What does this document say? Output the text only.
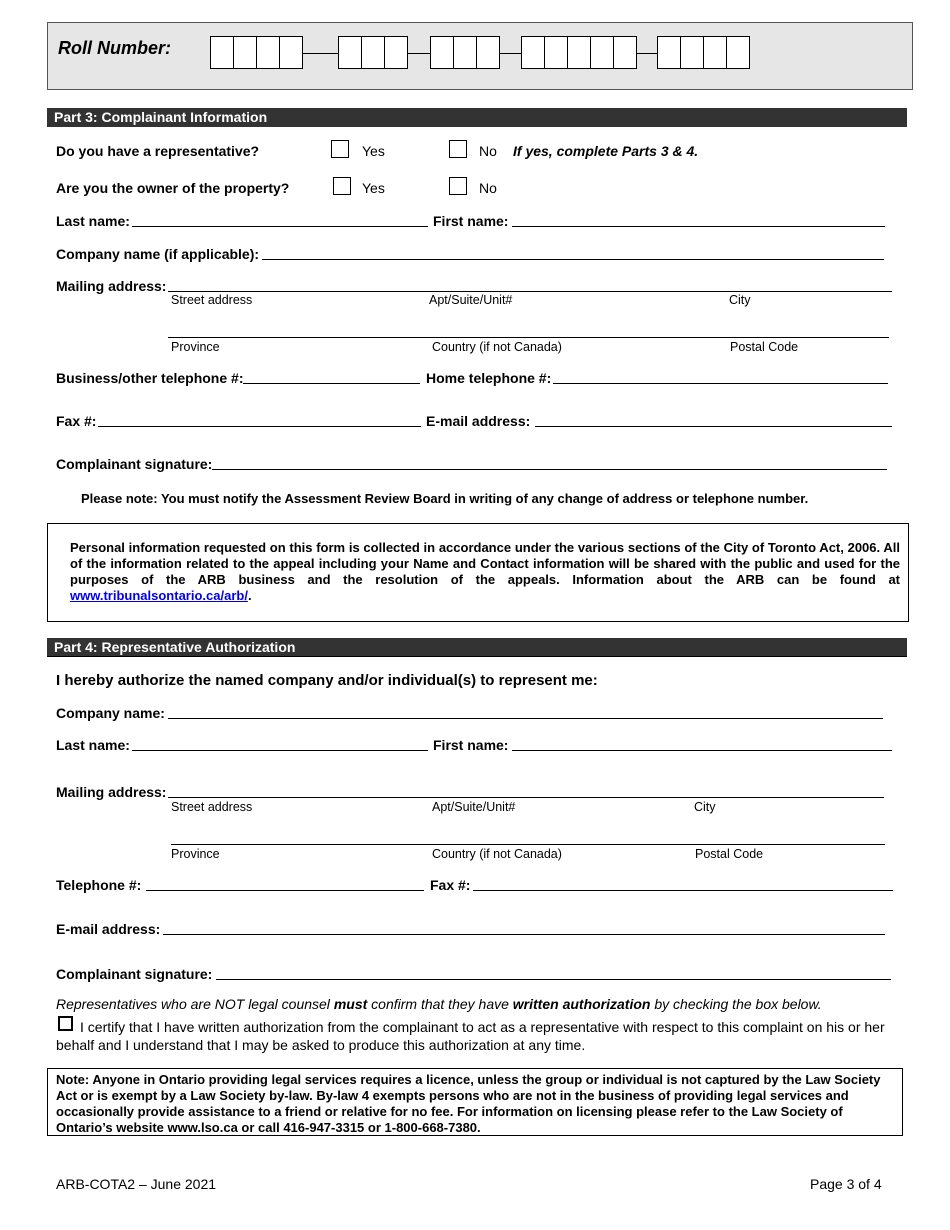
Roll Number:
Part 3: Complainant Information
Do you have a representative?	Yes	No If yes, complete Parts 3 & 4.
Are you the owner of the property?	Yes	No
Last name:	First name:
Company name (if applicable):
Mailing address:
Street address	Apt/Suite/Unit#	City
Province	Country (if not Canada)	Postal Code
Business/other telephone #:	Home telephone #:
Fax #:	E-mail address:
Complainant signature:
Please note: You must notify the Assessment Review Board in writing of any change of address or telephone number.
Personal information requested on this form is collected in accordance under the various sections of the City of Toronto Act, 2006. All of the information related to the appeal including your Name and Contact information will be shared with the public and used for the purposes of the ARB business and the resolution of the appeals. Information about the ARB can be found at www.tribunalsontario.ca/arb/.
Part 4: Representative Authorization
I hereby authorize the named company and/or individual(s) to represent me:
Company name:
Last name:	First name:
Mailing address:
Street address	Apt/Suite/Unit#	City
Province	Country (if not Canada)	Postal Code
Telephone #:	Fax #:
E-mail address:
Complainant signature:
Representatives who are NOT legal counsel must confirm that they have written authorization by checking the box below.
I certify that I have written authorization from the complainant to act as a representative with respect to this complaint on his or her behalf and I understand that I may be asked to produce this authorization at any time.
Note: Anyone in Ontario providing legal services requires a licence, unless the group or individual is not captured by the Law Society Act or is exempt by a Law Society by-law. By-law 4 exempts persons who are not in the business of providing legal services and occasionally provide assistance to a friend or relative for no fee. For information on licensing please refer to the Law Society of Ontario’s website www.lso.ca or call 416-947-3315 or 1-800-668-7380.
ARB-COTA2 – June 2021	Page 3 of 4
